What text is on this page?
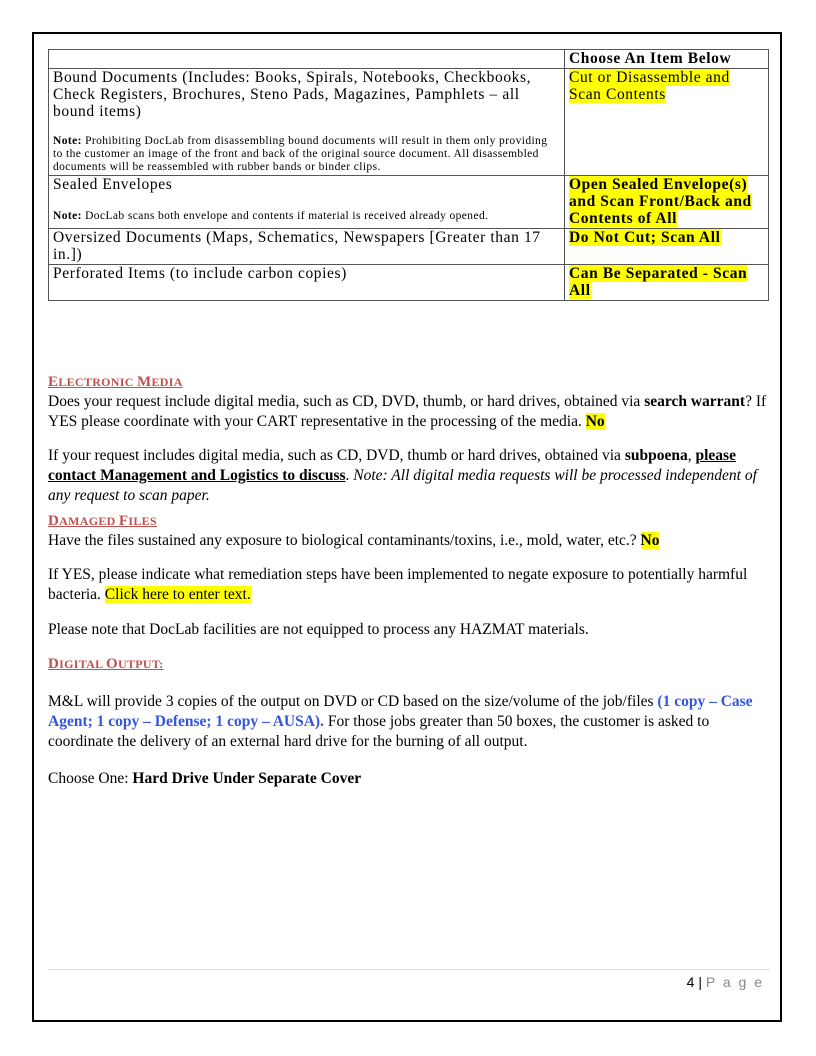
	Choose An Item Below
Bound Documents (Includes: Books, Spirals, Notebooks, Checkbooks, Check Registers, Brochures, Steno Pads, Magazines, Pamphlets – all bound items)
Note: Prohibiting DocLab from disassembling bound documents will result in them only providing to the customer an image of the front and back of the original source document. All disassembled documents will be reassembled with rubber bands or binder clips.	Cut or Disassemble and Scan Contents
Sealed Envelopes
Note: DocLab scans both envelope and contents if material is received already opened.	Open Sealed Envelope(s) and Scan Front/Back and Contents of All
Oversized Documents (Maps, Schematics, Newspapers [Greater than 17 in.])	Do Not Cut; Scan All
Perforated Items (to include carbon copies)	Can Be Separated - Scan All
ELECTRONIC MEDIA
Does your request include digital media, such as CD, DVD, thumb, or hard drives, obtained via search warrant? If YES please coordinate with your CART representative in the processing of the media. No
If your request includes digital media, such as CD, DVD, thumb or hard drives, obtained via subpoena, please contact Management and Logistics to discuss. Note: All digital media requests will be processed independent of any request to scan paper.
DAMAGED FILES
Have the files sustained any exposure to biological contaminants/toxins, i.e., mold, water, etc.? No
If YES, please indicate what remediation steps have been implemented to negate exposure to potentially harmful bacteria. Click here to enter text.
Please note that DocLab facilities are not equipped to process any HAZMAT materials.
DIGITAL OUTPUT:
M&L will provide 3 copies of the output on DVD or CD based on the size/volume of the job/files (1 copy – Case Agent; 1 copy – Defense; 1 copy – AUSA). For those jobs greater than 50 boxes, the customer is asked to coordinate the delivery of an external hard drive for the burning of all output.
Choose One: Hard Drive Under Separate Cover
4 | P a g e
